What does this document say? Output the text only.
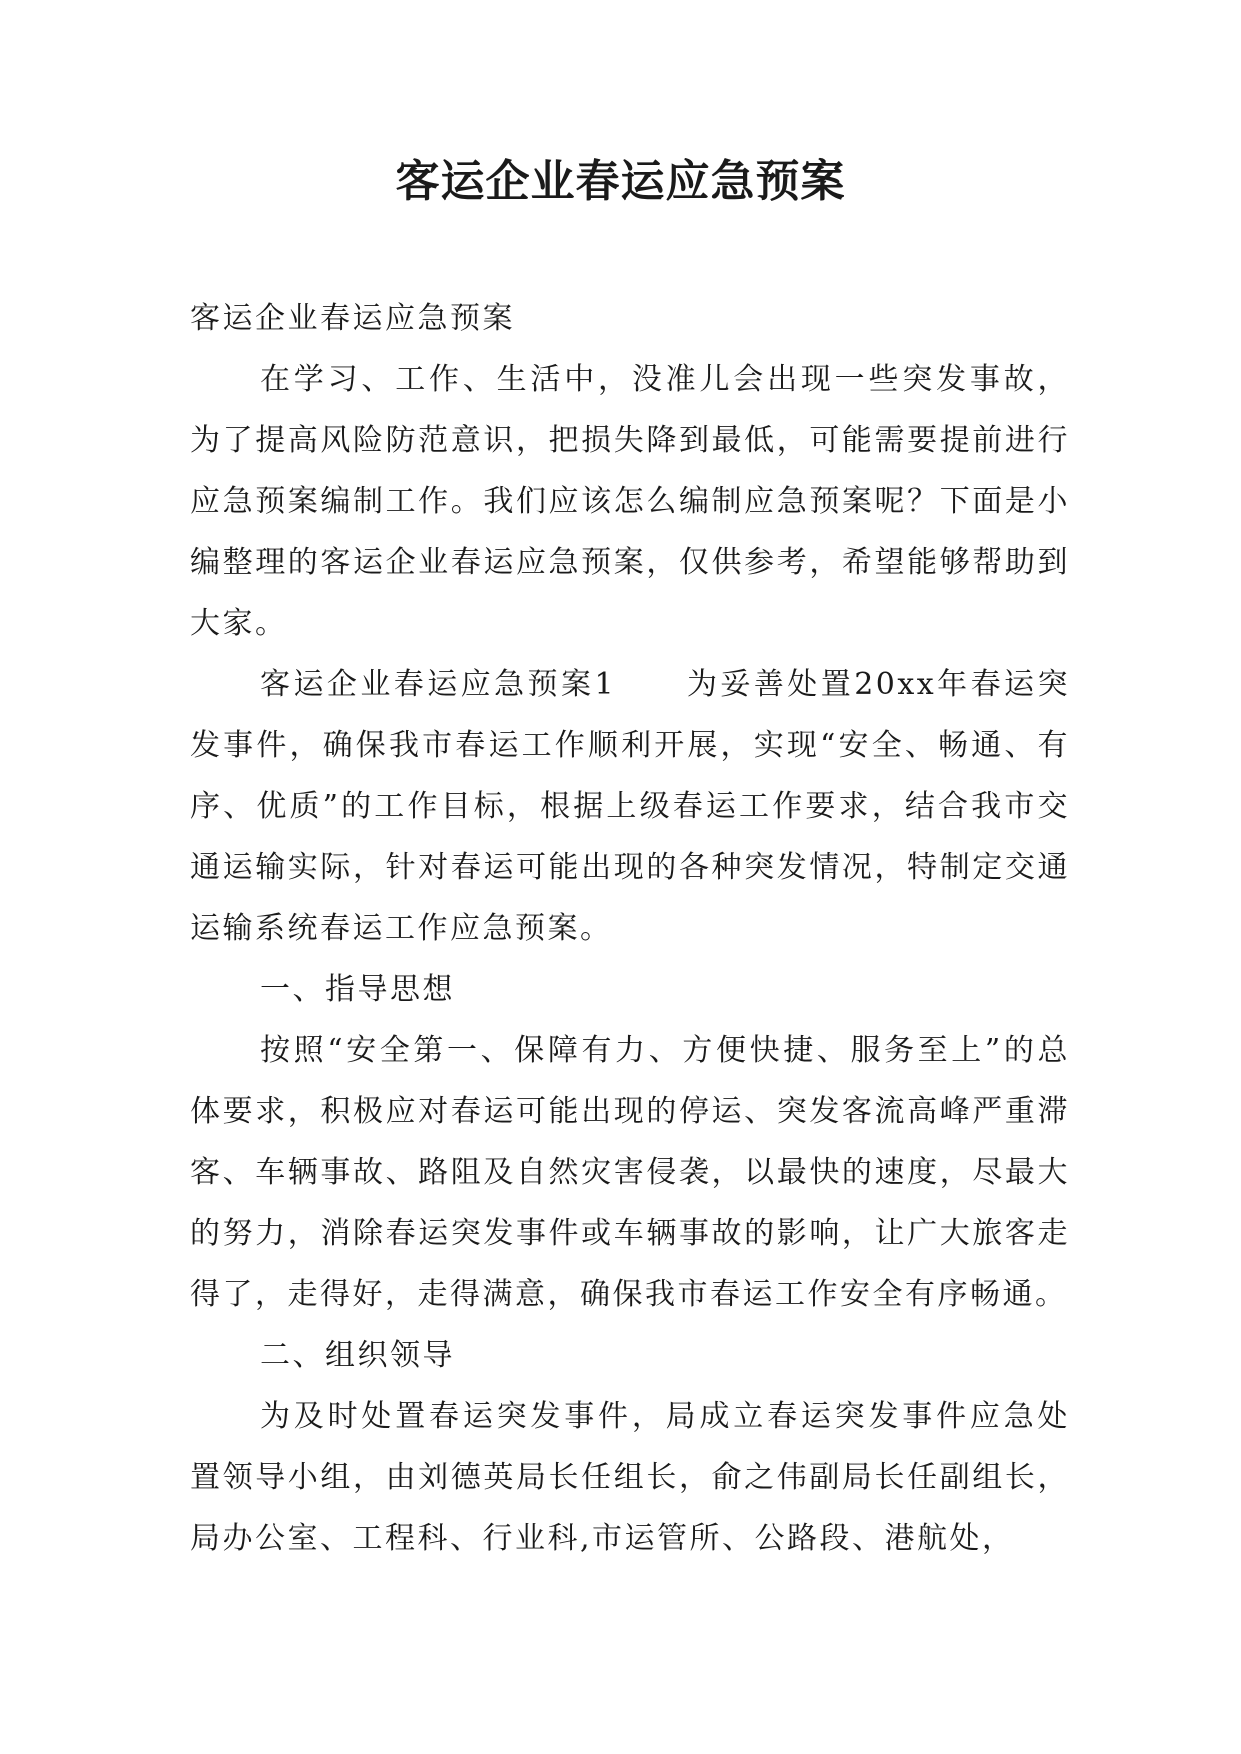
客运企业春运应急预案

客运企业春运应急预案

在学习、工作、生活中，没准儿会出现一些突发事故，为了提高风险防范意识，把损失降到最低，可能需要提前进行应急预案编制工作。我们应该怎么编制应急预案呢？下面是小编整理的客运企业春运应急预案，仅供参考，希望能够帮助到大家。

客运企业春运应急预案1 为妥善处置20xx年春运突发事件，确保我市春运工作顺利开展，实现“安全、畅通、有序、优质”的工作目标，根据上级春运工作要求，结合我市交通运输实际，针对春运可能出现的各种突发情况，特制定交通运输系统春运工作应急预案。

一、指导思想

按照“安全第一、保障有力、方便快捷、服务至上”的总体要求，积极应对春运可能出现的停运、突发客流高峰严重滞客、车辆事故、路阻及自然灾害侵袭，以最快的速度，尽最大的努力，消除春运突发事件或车辆事故的影响，让广大旅客走得了，走得好，走得满意，确保我市春运工作安全有序畅通。

二、组织领导

为及时处置春运突发事件，局成立春运突发事件应急处置领导小组，由刘德英局长任组长，俞之伟副局长任副组长，局办公室、工程科、行业科,市运管所、公路段、港航处，
